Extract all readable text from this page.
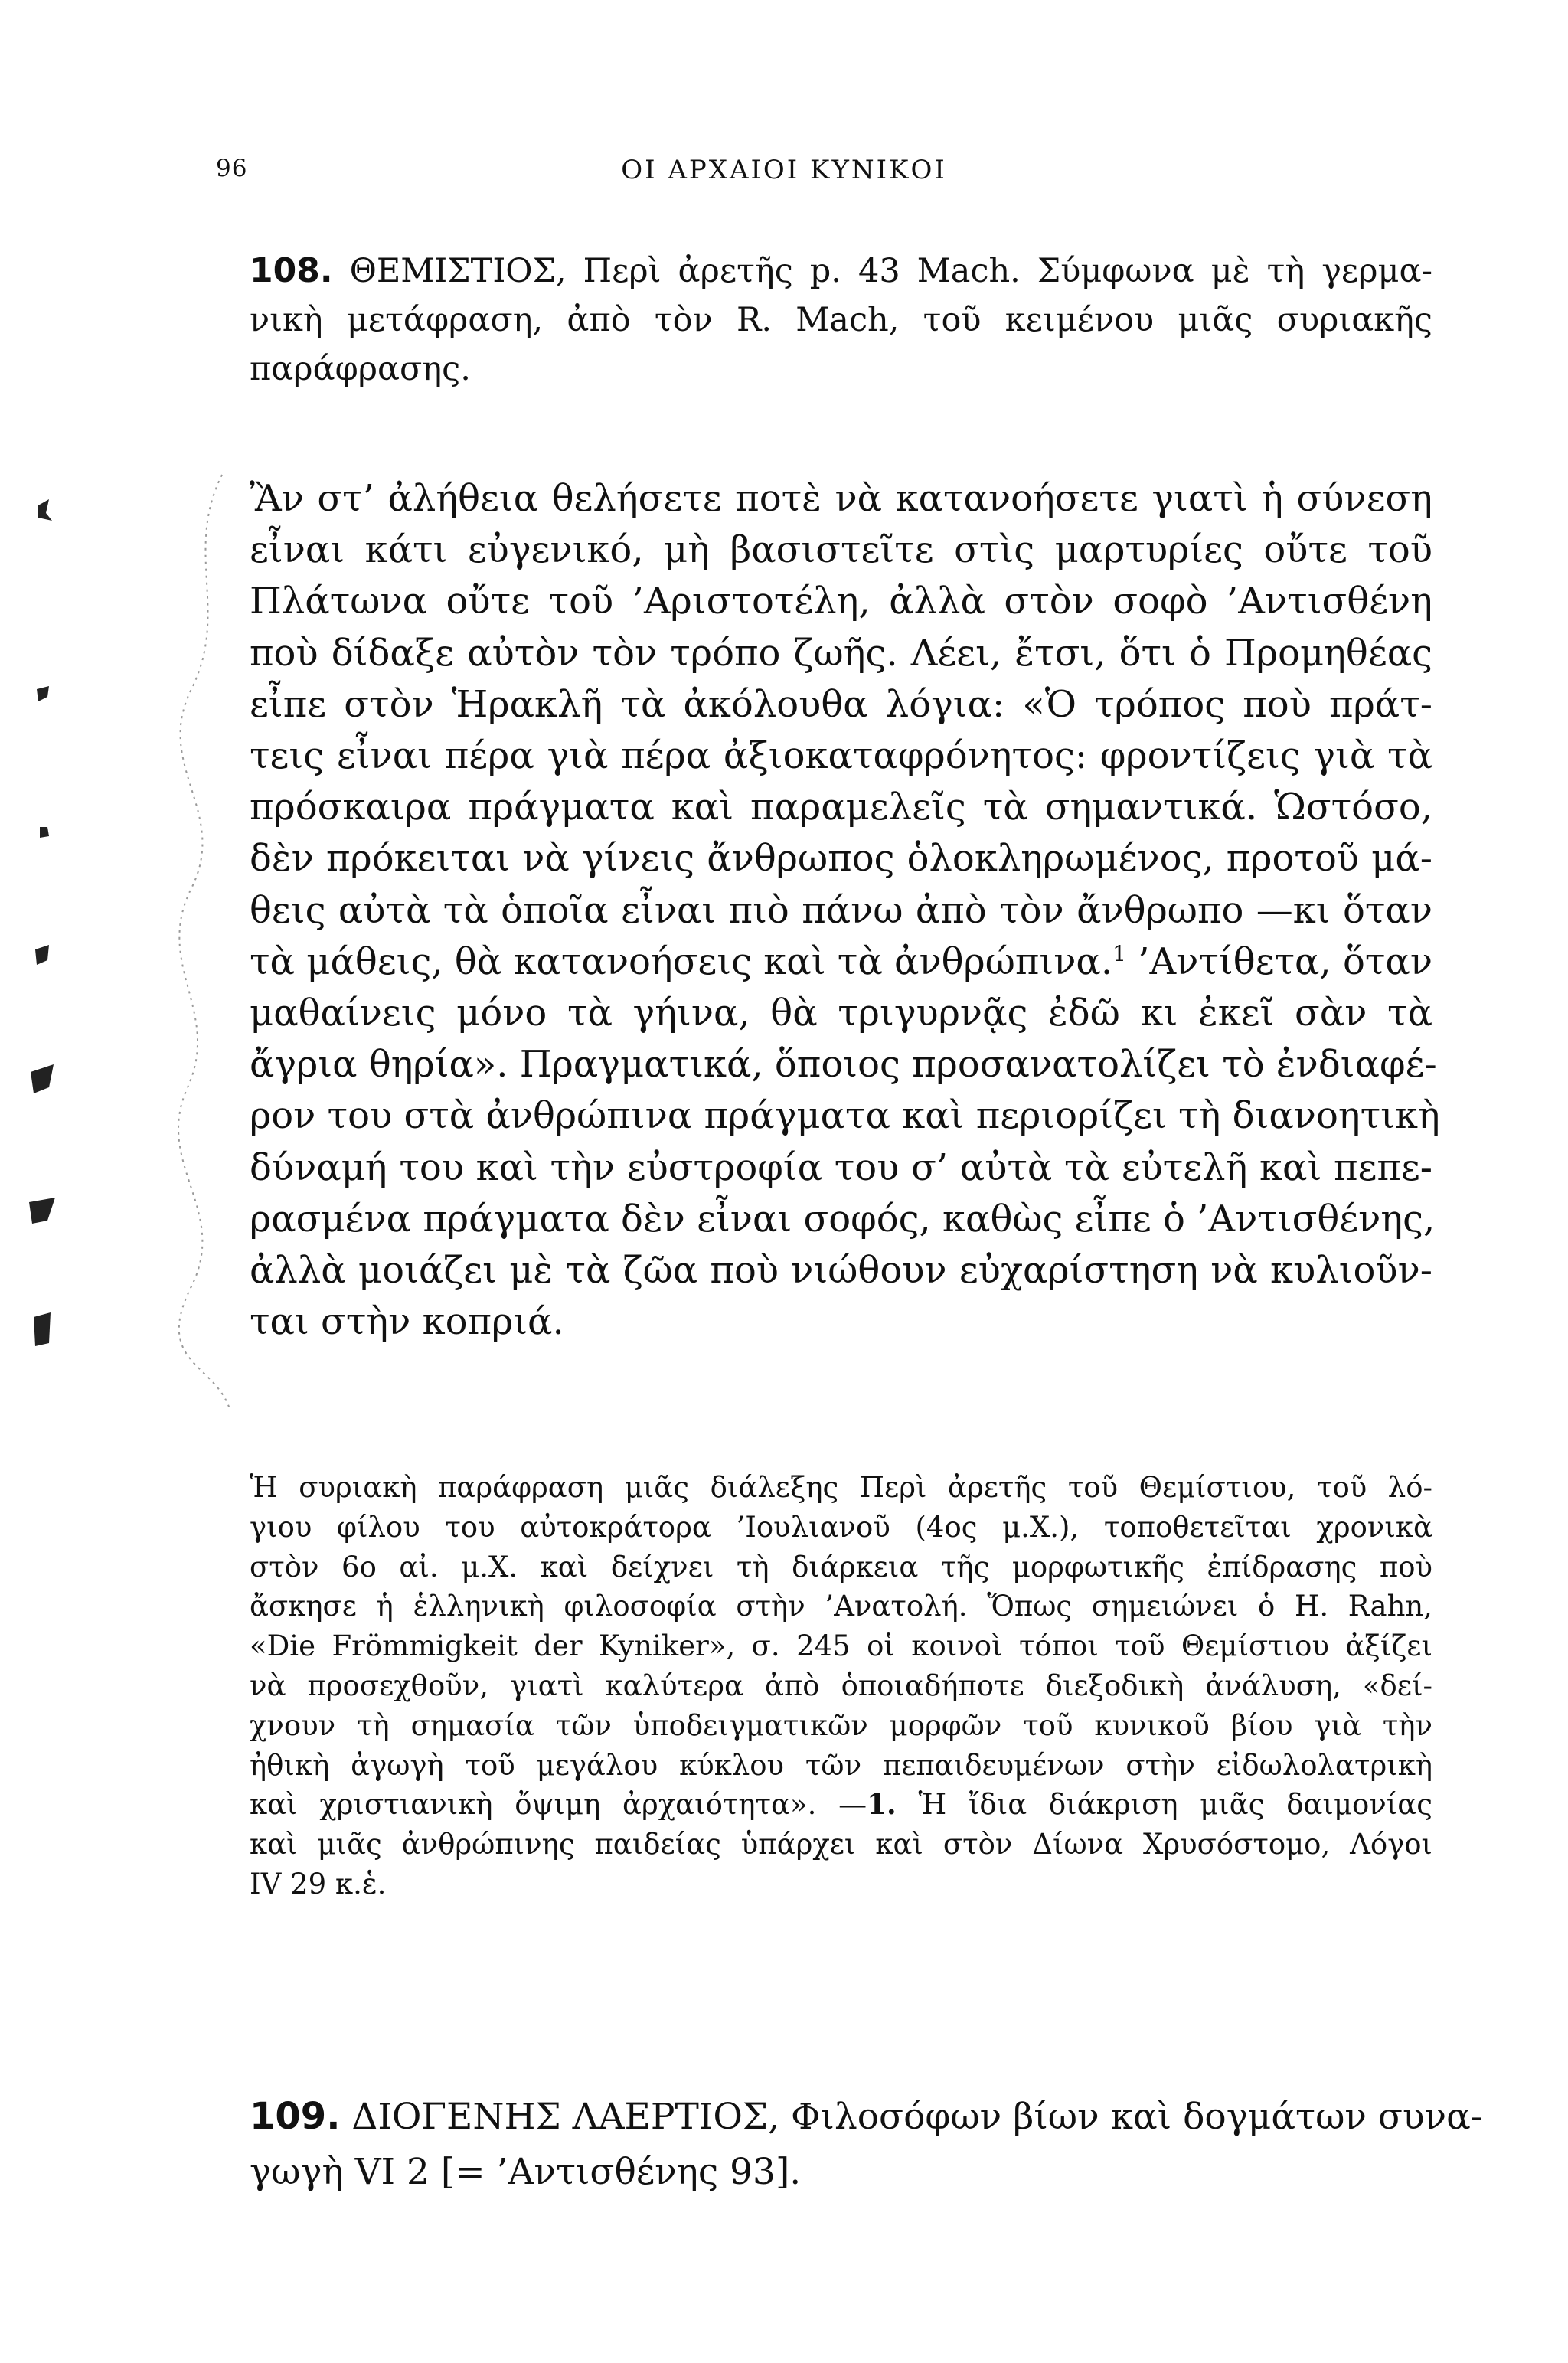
96	ΟΙ ΑΡΧΑΙΟΙ ΚΥΝΙΚΟΙ
108. ΘΕΜΙΣΤΙΟΣ, Περὶ ἀρετῆς p. 43 Mach. Σύμφωνα μὲ τὴ γερμα-
νικὴ μετάφραση, ἀπὸ τὸν R. Mach, τοῦ κειμένου μιᾶς συριακῆς
παράφρασης.
Ἂν στ’ ἀλήθεια θελήσετε ποτὲ νὰ κατανοήσετε γιατὶ ἡ σύνεση
εἶναι κάτι εὐγενικό, μὴ βασιστεῖτε στὶς μαρτυρίες οὔτε τοῦ
Πλάτωνα οὔτε τοῦ ’Αριστοτέλη, ἀλλὰ στὸν σοφὸ ’Αντισθένη
ποὺ δίδαξε αὐτὸν τὸν τρόπο ζωῆς. Λέει, ἔτσι, ὅτι ὁ Προμηθέας
εἶπε στὸν Ἡρακλῆ τὰ ἀκόλουθα λόγια: «Ὁ τρόπος ποὺ πράτ-
τεις εἶναι πέρα γιὰ πέρα ἀξιοκαταφρόνητος: φροντίζεις γιὰ τὰ
πρόσκαιρα πράγματα καὶ παραμελεῖς τὰ σημαντικά. Ὡστόσο,
δὲν πρόκειται νὰ γίνεις ἄνθρωπος ὁλοκληρωμένος, προτοῦ μά-
θεις αὐτὰ τὰ ὁποῖα εἶναι πιὸ πάνω ἀπὸ τὸν ἄνθρωπο —κι ὅταν
τὰ μάθεις, θὰ κατανοήσεις καὶ τὰ ἀνθρώπινα.$^1$ ’Αντίθετα, ὅταν
μαθαίνεις μόνο τὰ γήινα, θὰ τριγυρνᾷς ἐδῶ κι ἐκεῖ σὰν τὰ
ἄγρια θηρία». Πραγματικά, ὅποιος προσανατολίζει τὸ ἐνδιαφέ-
ρον του στὰ ἀνθρώπινα πράγματα καὶ περιορίζει τὴ διανοητικὴ
δύναμή του καὶ τὴν εὐστροφία του σ’ αὐτὰ τὰ εὐτελῆ καὶ πεπε-
ρασμένα πράγματα δὲν εἶναι σοφός, καθὼς εἶπε ὁ ’Αντισθένης,
ἀλλὰ μοιάζει μὲ τὰ ζῶα ποὺ νιώθουν εὐχαρίστηση νὰ κυλιοῦν-
ται στὴν κοπριά.
Ἡ συριακὴ παράφραση μιᾶς διάλεξης Περὶ ἀρετῆς τοῦ Θεμίστιου, τοῦ λό-
γιου φίλου του αὐτοκράτορα ’Ιουλιανοῦ (4ος μ.Χ.), τοποθετεῖται χρονικὰ
στὸν 6ο αἰ. μ.Χ. καὶ δείχνει τὴ διάρκεια τῆς μορφωτικῆς ἐπίδρασης ποὺ
ἄσκησε ἡ ἑλληνικὴ φιλοσοφία στὴν ’Ανατολή. Ὅπως σημειώνει ὁ H. Rahn,
«Die Frömmigkeit der Kyniker», σ. 245 οἱ κοινοὶ τόποι τοῦ Θεμίστιου ἀξίζει
νὰ προσεχθοῦν, γιατὶ καλύτερα ἀπὸ ὁποιαδήποτε διεξοδικὴ ἀνάλυση, «δεί-
χνουν τὴ σημασία τῶν ὑποδειγματικῶν μορφῶν τοῦ κυνικοῦ βίου γιὰ τὴν
ἠθικὴ ἀγωγὴ τοῦ μεγάλου κύκλου τῶν πεπαιδευμένων στὴν εἰδωλολατρικὴ
καὶ χριστιανικὴ ὄψιμη ἀρχαιότητα». —1. Ἡ ἴδια διάκριση μιᾶς δαιμονίας
καὶ μιᾶς ἀνθρώπινης παιδείας ὑπάρχει καὶ στὸν Δίωνα Χρυσόστομο, Λόγοι
IV 29 κ.ἑ.
109. ΔΙΟΓΕΝΗΣ ΛΑΕΡΤΙΟΣ, Φιλοσόφων βίων καὶ δογμάτων συνα-
γωγὴ VI 2 [= ’Αντισθένης 93].
